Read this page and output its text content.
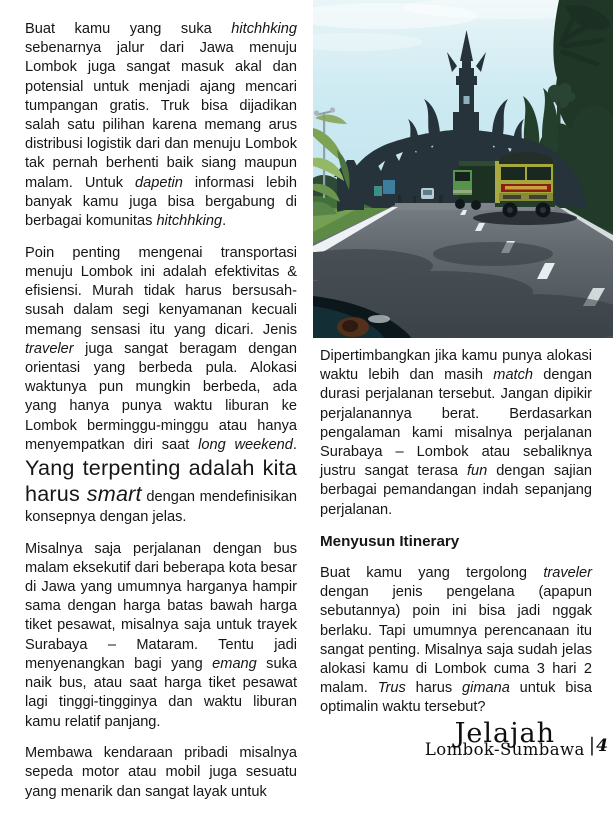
Buat kamu yang suka hitchhking sebenarnya jalur dari Jawa menuju Lombok juga sangat masuk akal dan potensial untuk menjadi ajang mencari tumpangan gratis. Truk bisa dijadikan salah satu pilihan karena memang arus distribusi logistik dari dan menuju Lombok tak pernah berhenti baik siang maupun malam. Untuk dapetin informasi lebih banyak kamu juga bisa bergabung di berbagai komunitas hitchhking.

Poin penting mengenai transportasi menuju Lombok ini adalah efektivitas & efisiensi. Murah tidak harus bersusah-susah dalam segi kenyamanan kecuali memang sensasi itu yang dicari. Jenis traveler juga sangat beragam dengan orientasi yang berbeda pula. Alokasi waktunya pun mungkin berbeda, ada yang hanya punya waktu liburan ke Lombok berminggu-minggu atau hanya menyempatkan diri saat long weekend. Yang terpenting adalah kita harus smart dengan mendefinisikan konsepnya dengan jelas.

Misalnya saja perjalanan dengan bus malam eksekutif dari beberapa kota besar di Jawa yang umumnya harganya hampir sama dengan harga batas bawah harga tiket pesawat, misalnya saja untuk trayek Surabaya – Mataram. Tentu jadi menyenangkan bagi yang emang suka naik bus, atau saat harga tiket pesawat lagi tinggi-tingginya dan waktu liburan kamu relatif panjang.

Membawa kendaraan pribadi misalnya sepeda motor atau mobil juga sesuatu yang menarik dan sangat layak untuk

Dipertimbangkan jika kamu punya alokasi waktu lebih dan masih match dengan durasi perjalanan tersebut. Jangan dipikir perjalanannya berat. Berdasarkan pengalaman kami misalnya perjalanan Surabaya – Lombok atau sebaliknya justru sangat terasa fun dengan sajian berbagai pemandangan indah sepanjang perjalanan.

Menyusun Itinerary

Buat kamu yang tergolong traveler dengan jenis pengelana (apapun sebutannya) poin ini bisa jadi nggak berlaku. Tapi umumnya perencanaan itu sangat penting. Misalnya saja sudah jelas alokasi kamu di Lombok cuma 3 hari 2 malam. Trus harus gimana untuk bisa optimalin waktu tersebut?

Jelajah
Lombok-Sumbawa | 4
